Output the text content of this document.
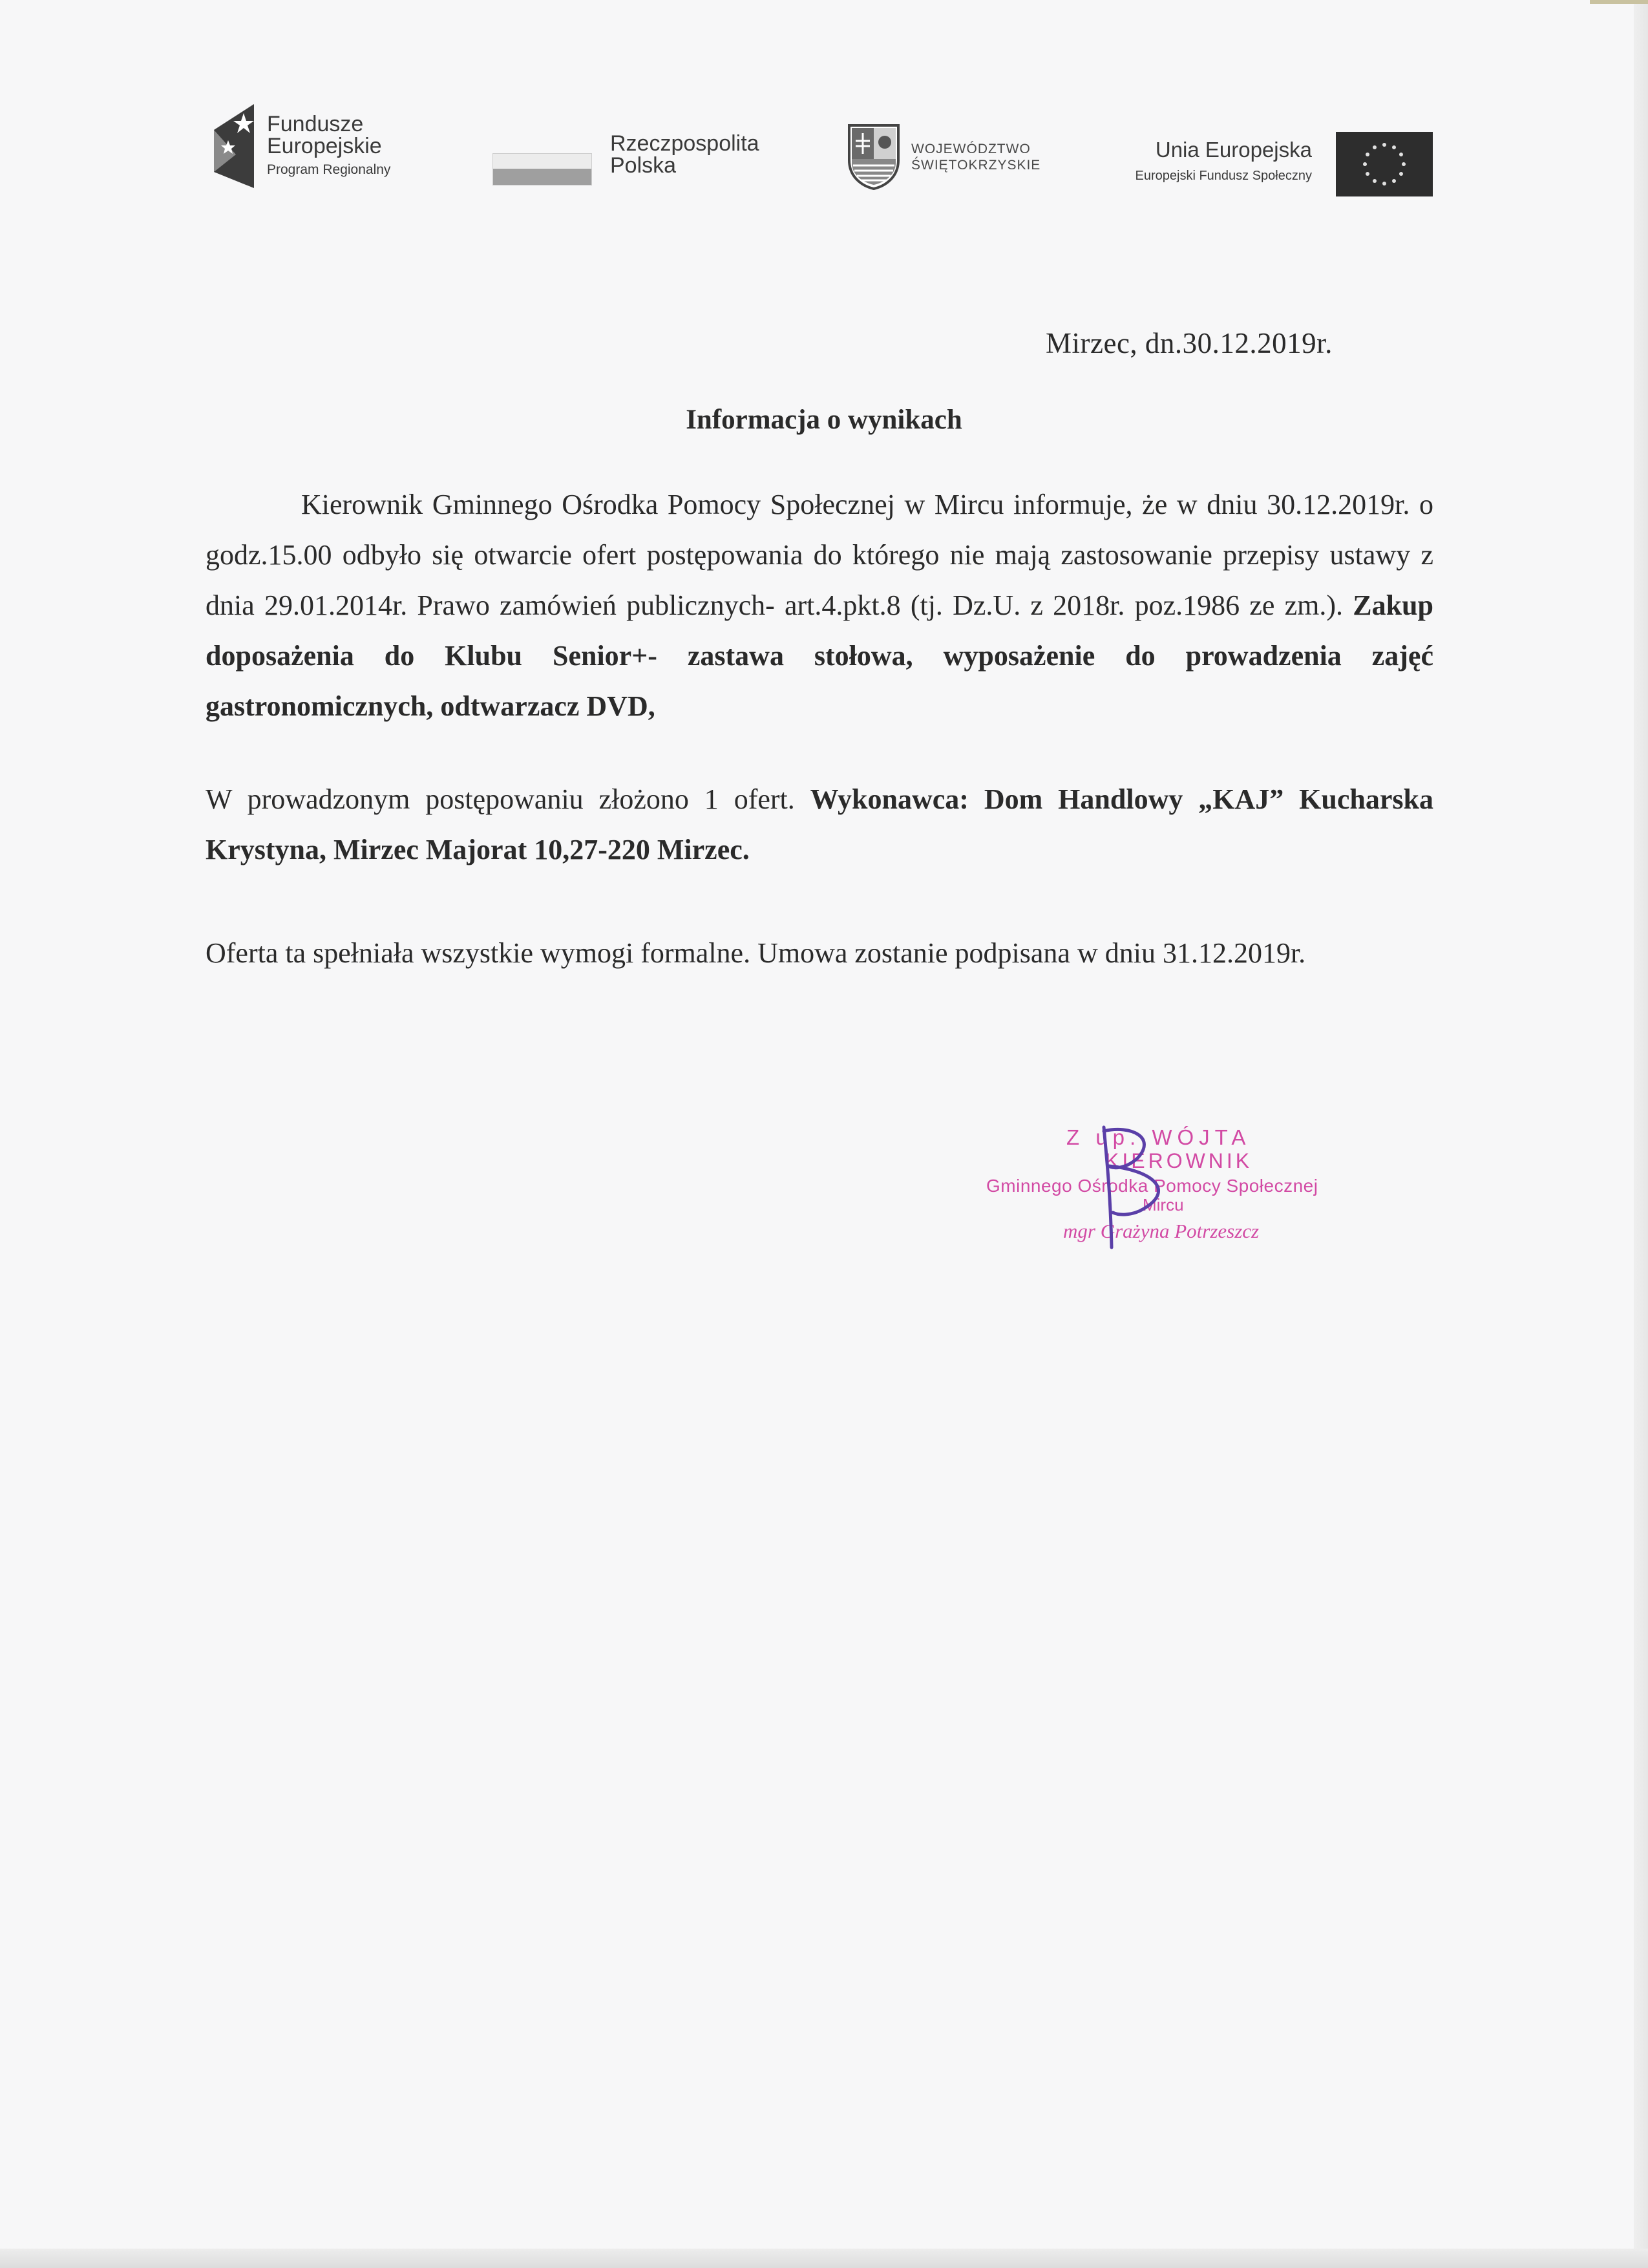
Fundusze
Europejskie
Program Regionalny
Rzeczpospolita
Polska
WOJEWÓDZTWO
ŚWIĘTOKRZYSKIE
Unia Europejska
Europejski Fundusz Społeczny
Mirzec, dn.30.12.2019r.
Informacja o wynikach
Kierownik Gminnego Ośrodka Pomocy Społecznej w Mircu informuje, że w dniu 30.12.2019r. o godz.15.00 odbyło się otwarcie ofert postępowania do którego nie mają zastosowanie przepisy ustawy z dnia 29.01.2014r. Prawo zamówień publicznych- art.4.pkt.8 (tj. Dz.U. z 2018r. poz.1986 ze zm.). Zakup doposażenia do Klubu Senior+- zastawa stołowa, wyposażenie do prowadzenia zajęć gastronomicznych, odtwarzacz DVD,
W prowadzonym postępowaniu złożono 1 ofert. Wykonawca: Dom Handlowy „KAJ” Kucharska Krystyna, Mirzec Majorat 10,27-220 Mirzec.
Oferta ta spełniała wszystkie wymogi formalne. Umowa zostanie podpisana w dniu 31.12.2019r.
Z up. WÓJTA
KIEROWNIK
Gminnego Ośrodka Pomocy Społecznej
Mircu
mgr Grażyna Potrzeszcz
